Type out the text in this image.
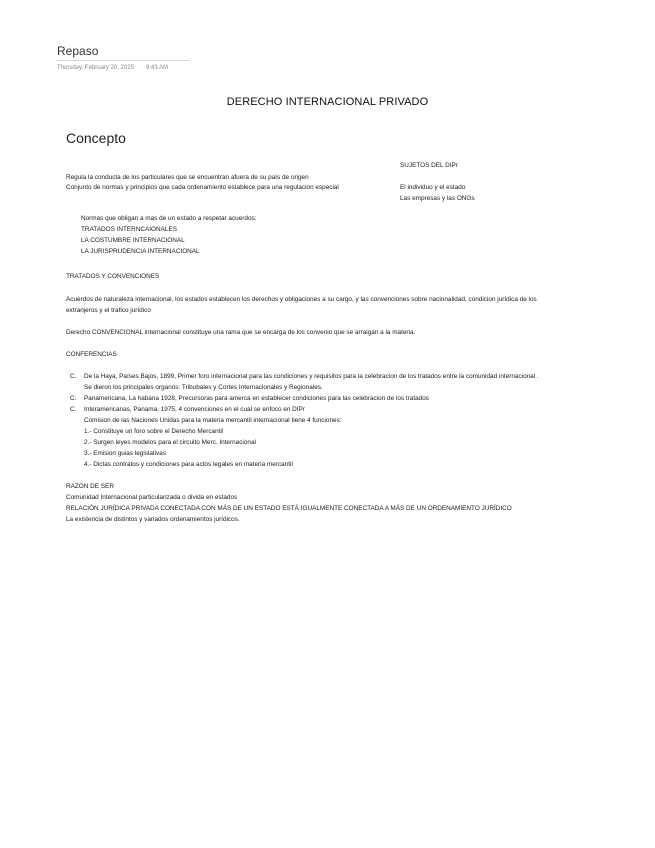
Repaso
Thursday, February 20, 2025 9:43 AM
DERECHO INTERNACIONAL PRIVADO
Concepto
SUJETOS DEL DIPr
El individuo y el estado
Las empresas y las ONGs
Regula la conducta de los particulares que se encuentran afuera de su país de origen
Conjunto de normas y principios que cada ordenamiento establece para una regulacion especial
Normas que obligan a mas de un estado a respetar acuerdos:
TRATADOS INTERNCAIONALES
LA COSTUMBRE INTERNACIONAL
LA JURISPRUDENCIA INTERNACIONAL
TRATADOS Y CONVENCIONES
Acuerdos de naturaleza internacional, los estados establecen los derechos y obligaciones a su cargo, y las convenciones sobre nacionalidad, condicion jurídica de los
extranjeros y el trafico jurídico
Derecho CONVENCIONAL internacional constituye una rama que se encarga de los convenio que se arraigan a la materia.
CONFERENCIAS
C. De la Haya, Países Bajos, 1899, Primer foro internacional para las condiciones y requisitos para la celebracion de los tratados entre la comunidad internacional .
Se dieron los principales organos: Tribubales y Cortes Internacionales y Regionales.
C. Panamericana, La habana 1928, Precursoras para amerca en establecer condiciones para las celebracion de los tratados
C. Interamericanas, Panama, 1975, 4 convenciones en el cual se enfoco en DIPr
Comision de las Naciones Unidas para la materia mercantil internacional tiene 4 funciones:
1.- Constituye un foro sobre el Derecho Mercantil
2.- Surgen leyes modelos para el circuito Merc. Internacional
3.- Emision guias legislativas
4.- Dictas contratos y condiciones para actos legales en materia mercantil
RAZON DE SER
Comunidad Internacional particularizada o divida en estados
RELACIÓN JURÍDICA PRIVADA CONECTADA CON MÁS DE UN ESTADO ESTÁ IGUALMENTE CONECTADA A MÁS DE UN ORDENAMIENTO JURÍDICO
La existencia de distintos y variados ordenamientos jurídicos.
